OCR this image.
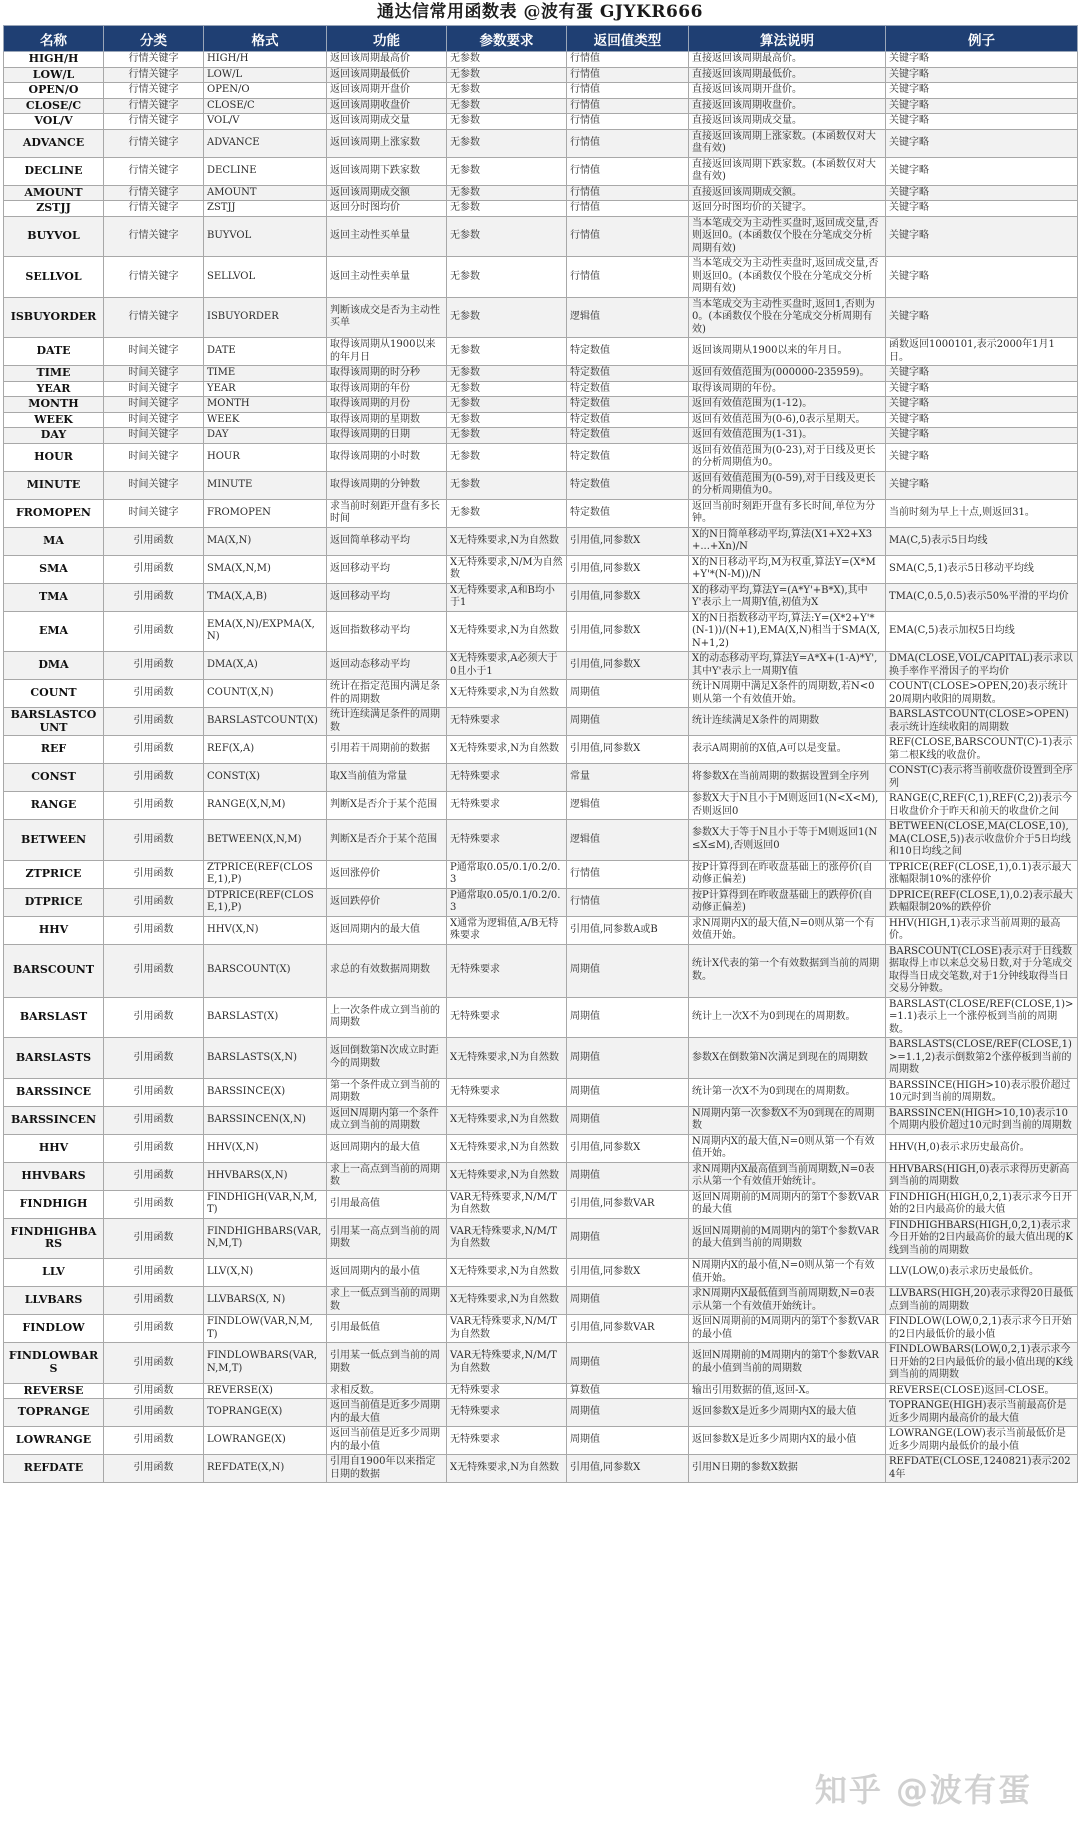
通达信常用函数表 @波有蛋 GJYKR666
名称	分类	格式	功能	参数要求	返回值类型	算法说明	例子
HIGH/H	行情关键字	HIGH/H	返回该周期最高价	无参数	行情值	直接返回该周期最高价。	关键字略
LOW/L	行情关键字	LOW/L	返回该周期最低价	无参数	行情值	直接返回该周期最低价。	关键字略
OPEN/O	行情关键字	OPEN/O	返回该周期开盘价	无参数	行情值	直接返回该周期开盘价。	关键字略
CLOSE/C	行情关键字	CLOSE/C	返回该周期收盘价	无参数	行情值	直接返回该周期收盘价。	关键字略
VOL/V	行情关键字	VOL/V	返回该周期成交量	无参数	行情值	直接返回该周期成交量。	关键字略
ADVANCE	行情关键字	ADVANCE	返回该周期上涨家数	无参数	行情值	直接返回该周期上涨家数。(本函数仅对大盘有效)	关键字略
DECLINE	行情关键字	DECLINE	返回该周期下跌家数	无参数	行情值	直接返回该周期下跌家数。(本函数仅对大盘有效)	关键字略
AMOUNT	行情关键字	AMOUNT	返回该周期成交额	无参数	行情值	直接返回该周期成交额。	关键字略
ZSTJJ	行情关键字	ZSTJJ	返回分时图均价	无参数	行情值	返回分时图均价的关键字。	关键字略
BUYVOL	行情关键字	BUYVOL	返回主动性买单量	无参数	行情值	当本笔成交为主动性买盘时,返回成交量,否则返回0。(本函数仅个股在分笔成交分析周期有效)	关键字略
SELLVOL	行情关键字	SELLVOL	返回主动性卖单量	无参数	行情值	当本笔成交为主动性卖盘时,返回成交量,否则返回0。(本函数仅个股在分笔成交分析周期有效)	关键字略
ISBUYORDER	行情关键字	ISBUYORDER	判断该成交是否为主动性买单	无参数	逻辑值	当本笔成交为主动性买盘时,返回1,否则为0。(本函数仅个股在分笔成交分析周期有效)	关键字略
DATE	时间关键字	DATE	取得该周期从1900以来的年月日	无参数	特定数值	返回该周期从1900以来的年月日。	函数返回1000101,表示2000年1月1日。
TIME	时间关键字	TIME	取得该周期的时分秒	无参数	特定数值	返回有效值范围为(000000-235959)。	关键字略
YEAR	时间关键字	YEAR	取得该周期的年份	无参数	特定数值	取得该周期的年份。	关键字略
MONTH	时间关键字	MONTH	取得该周期的月份	无参数	特定数值	返回有效值范围为(1-12)。	关键字略
WEEK	时间关键字	WEEK	取得该周期的星期数	无参数	特定数值	返回有效值范围为(0-6),0表示星期天。	关键字略
DAY	时间关键字	DAY	取得该周期的日期	无参数	特定数值	返回有效值范围为(1-31)。	关键字略
HOUR	时间关键字	HOUR	取得该周期的小时数	无参数	特定数值	返回有效值范围为(0-23),对于日线及更长的分析周期值为0。	关键字略
MINUTE	时间关键字	MINUTE	取得该周期的分钟数	无参数	特定数值	返回有效值范围为(0-59),对于日线及更长的分析周期值为0。	关键字略
FROMOPEN	时间关键字	FROMOPEN	求当前时刻距开盘有多长时间	无参数	特定数值	返回当前时刻距开盘有多长时间,单位为分钟。	当前时刻为早上十点,则返回31。
MA	引用函数	MA(X,N)	返回简单移动平均	X无特殊要求,N为自然数	引用值,同参数X	X的N日简单移动平均,算法(X1+X2+X3+...+Xn)/N	MA(C,5)表示5日均线
SMA	引用函数	SMA(X,N,M)	返回移动平均	X无特殊要求,N/M为自然数	引用值,同参数X	X的N日移动平均,M为权重,算法Y=(X*M+Y'*(N-M))/N	SMA(C,5,1)表示5日移动平均线
TMA	引用函数	TMA(X,A,B)	返回移动平均	X无特殊要求,A和B均小于1	引用值,同参数X	X的移动平均,算法Y=(A*Y'+B*X),其中Y'表示上一周期Y值,初值为X	TMA(C,0.5,0.5)表示50%平滑的平均价
EMA	引用函数	EMA(X,N)/EXPMA(X,N)	返回指数移动平均	X无特殊要求,N为自然数	引用值,同参数X	X的N日指数移动平均,算法:Y=(X*2+Y'*(N-1))/(N+1),EMA(X,N)相当于SMA(X,N+1,2)	EMA(C,5)表示加权5日均线
DMA	引用函数	DMA(X,A)	返回动态移动平均	X无特殊要求,A必须大于0且小于1	引用值,同参数X	X的动态移动平均,算法Y=A*X+(1-A)*Y',其中Y'表示上一周期Y值	DMA(CLOSE,VOL/CAPITAL)表示求以换手率作平滑因子的平均价
COUNT	引用函数	COUNT(X,N)	统计在指定范围内满足条件的周期数	X无特殊要求,N为自然数	周期值	统计N周期中满足X条件的周期数,若N<0则从第一个有效值开始。	COUNT(CLOSE>OPEN,20)表示统计20周期内收阳的周期数。
BARSLASTCOUNT	引用函数	BARSLASTCOUNT(X)	统计连续满足条件的周期数	无特殊要求	周期值	统计连续满足X条件的周期数	BARSLASTCOUNT(CLOSE>OPEN)表示统计连续收阳的周期数
REF	引用函数	REF(X,A)	引用若干周期前的数据	X无特殊要求,N为自然数	引用值,同参数X	表示A周期前的X值,A可以是变量。	REF(CLOSE,BARSCOUNT(C)-1)表示第二根K线的收盘价。
CONST	引用函数	CONST(X)	取X当前值为常量	无特殊要求	常量	将参数X在当前周期的数据设置到全序列	CONST(C)表示将当前收盘价设置到全序列
RANGE	引用函数	RANGE(X,N,M)	判断X是否介于某个范围	无特殊要求	逻辑值	参数X大于N且小于M则返回1(N<X<M),否则返回0	RANGE(C,REF(C,1),REF(C,2))表示今日收盘价介于昨天和前天的收盘价之间
BETWEEN	引用函数	BETWEEN(X,N,M)	判断X是否介于某个范围	无特殊要求	逻辑值	参数X大于等于N且小于等于M则返回1(N≤X≤M),否则返回0	BETWEEN(CLOSE,MA(CLOSE,10),MA(CLOSE,5))表示收盘价介于5日均线和10日均线之间
ZTPRICE	引用函数	ZTPRICE(REF(CLOSE,1),P)	返回涨停价	P通常取0.05/0.1/0.2/0.3	行情值	按P计算得到在昨收盘基础上的涨停价(自动修正偏差)	TPRICE(REF(CLOSE,1),0.1)表示最大涨幅限制10%的涨停价
DTPRICE	引用函数	DTPRICE(REF(CLOSE,1),P)	返回跌停价	P通常取0.05/0.1/0.2/0.3	行情值	按P计算得到在昨收盘基础上的跌停价(自动修正偏差)	DPRICE(REF(CLOSE,1),0.2)表示最大跌幅限制20%的跌停价
HHV	引用函数	HHV(X,N)	返回周期内的最大值	X通常为逻辑值,A/B无特殊要求	引用值,同参数A或B	求N周期内X的最大值,N=0则从第一个有效值开始。	HHV(HIGH,1)表示求当前周期的最高价。
BARSCOUNT	引用函数	BARSCOUNT(X)	求总的有效数据周期数	无特殊要求	周期值	统计X代表的第一个有效数据到当前的周期数。	BARSCOUNT(CLOSE)表示对于日线数据取得上市以来总交易日数,对于分笔成交取得当日成交笔数,对于1分钟线取得当日交易分钟数。
BARSLAST	引用函数	BARSLAST(X)	上一次条件成立到当前的周期数	无特殊要求	周期值	统计上一次X不为0到现在的周期数。	BARSLAST(CLOSE/REF(CLOSE,1)>=1.1)表示上一个涨停板到当前的周期数。
BARSLASTS	引用函数	BARSLASTS(X,N)	返回倒数第N次成立时距今的周期数	X无特殊要求,N为自然数	周期值	参数X在倒数第N次满足到现在的周期数	BARSLASTS(CLOSE/REF(CLOSE,1)>=1.1,2)表示倒数第2个涨停板到当前的周期数
BARSSINCE	引用函数	BARSSINCE(X)	第一个条件成立到当前的周期数	无特殊要求	周期值	统计第一次X不为0到现在的周期数。	BARSSINCE(HIGH>10)表示股价超过10元时到当前的周期数。
BARSSINCEN	引用函数	BARSSINCEN(X,N)	返回N周期内第一个条件成立到当前的周期数	X无特殊要求,N为自然数	周期值	N周期内第一次参数X不为0到现在的周期数	BARSSINCEN(HIGH>10,10)表示10个周期内股价超过10元时到当前的周期数
HHV	引用函数	HHV(X,N)	返回周期内的最大值	X无特殊要求,N为自然数	引用值,同参数X	N周期内X的最大值,N=0则从第一个有效值开始。	HHV(H,0)表示求历史最高价。
HHVBARS	引用函数	HHVBARS(X,N)	求上一高点到当前的周期数	X无特殊要求,N为自然数	周期值	求N周期内X最高值到当前周期数,N=0表示从第一个有效值开始统计。	HHVBARS(HIGH,0)表示求得历史新高到当前的周期数
FINDHIGH	引用函数	FINDHIGH(VAR,N,M,T)	引用最高值	VAR无特殊要求,N/M/T为自然数	引用值,同参数VAR	返回N周期前的M周期内的第T个参数VAR的最大值	FINDHIGH(HIGH,0,2,1)表示求今日开始的2日内最高价的最大值
FINDHIGHBARS	引用函数	FINDHIGHBARS(VAR,N,M,T)	引用某一高点到当前的周期数	VAR无特殊要求,N/M/T为自然数	周期值	返回N周期前的M周期内的第T个参数VAR的最大值到当前的周期数	FINDHIGHBARS(HIGH,0,2,1)表示求今日开始的2日内最高价的最大值出现的K线到当前的周期数
LLV	引用函数	LLV(X,N)	返回周期内的最小值	X无特殊要求,N为自然数	引用值,同参数X	N周期内X的最小值,N=0则从第一个有效值开始。	LLV(LOW,0)表示求历史最低价。
LLVBARS	引用函数	LLVBARS(X, N)	求上一低点到当前的周期数	X无特殊要求,N为自然数	周期值	求N周期内X最低值到当前周期数,N=0表示从第一个有效值开始统计。	LLVBARS(HIGH,20)表示求得20日最低点到当前的周期数
FINDLOW	引用函数	FINDLOW(VAR,N,M,T)	引用最低值	VAR无特殊要求,N/M/T为自然数	引用值,同参数VAR	返回N周期前的M周期内的第T个参数VAR的最小值	FINDLOW(LOW,0,2,1)表示求今日开始的2日内最低价的最小值
FINDLOWBARS	引用函数	FINDLOWBARS(VAR,N,M,T)	引用某一低点到当前的周期数	VAR无特殊要求,N/M/T为自然数	周期值	返回N周期前的M周期内的第T个参数VAR的最小值到当前的周期数	FINDLOWBARS(LOW,0,2,1)表示求今日开始的2日内最低价的最小值出现的K线到当前的周期数
REVERSE	引用函数	REVERSE(X)	求相反数。	无特殊要求	算数值	输出引用数据的值,返回-X。	REVERSE(CLOSE)返回-CLOSE。
TOPRANGE	引用函数	TOPRANGE(X)	返回当前值是近多少周期内的最大值	无特殊要求	周期值	返回参数X是近多少周期内X的最大值	TOPRANGE(HIGH)表示当前最高价是近多少周期内最高价的最大值
LOWRANGE	引用函数	LOWRANGE(X)	返回当前值是近多少周期内的最小值	无特殊要求	周期值	返回参数X是近多少周期内X的最小值	LOWRANGE(LOW)表示当前最低价是近多少周期内最低价的最小值
REFDATE	引用函数	REFDATE(X,N)	引用自1900年以来指定日期的数据	X无特殊要求,N为自然数	引用值,同参数X	引用N日期的参数X数据	REFDATE(CLOSE,1240821)表示2024年
知乎 @波有蛋
